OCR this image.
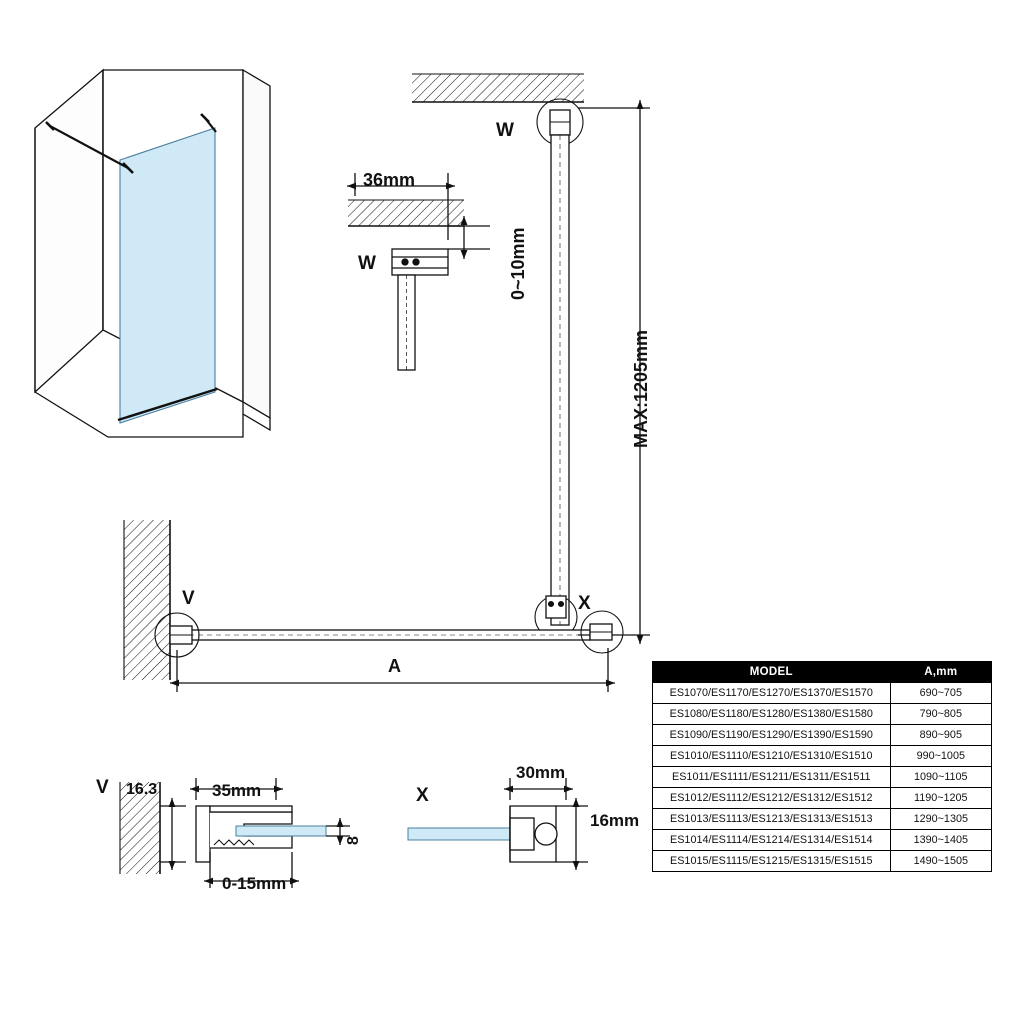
W
W
36mm
0~10mm
MAX:1205mm
V	X
A
V	X
35mm
16.3
8
0-15mm
30mm
16mm
MODEL	A,mm
ES1070/ES1170/ES1270/ES1370/ES1570	690~705
ES1080/ES1180/ES1280/ES1380/ES1580	790~805
ES1090/ES1190/ES1290/ES1390/ES1590	890~905
ES1010/ES1110/ES1210/ES1310/ES1510	990~1005
ES1011/ES1111/ES1211/ES1311/ES1511	1090~1105
ES1012/ES1112/ES1212/ES1312/ES1512	1190~1205
ES1013/ES1113/ES1213/ES1313/ES1513	1290~1305
ES1014/ES1114/ES1214/ES1314/ES1514	1390~1405
ES1015/ES1115/ES1215/ES1315/ES1515	1490~1505
